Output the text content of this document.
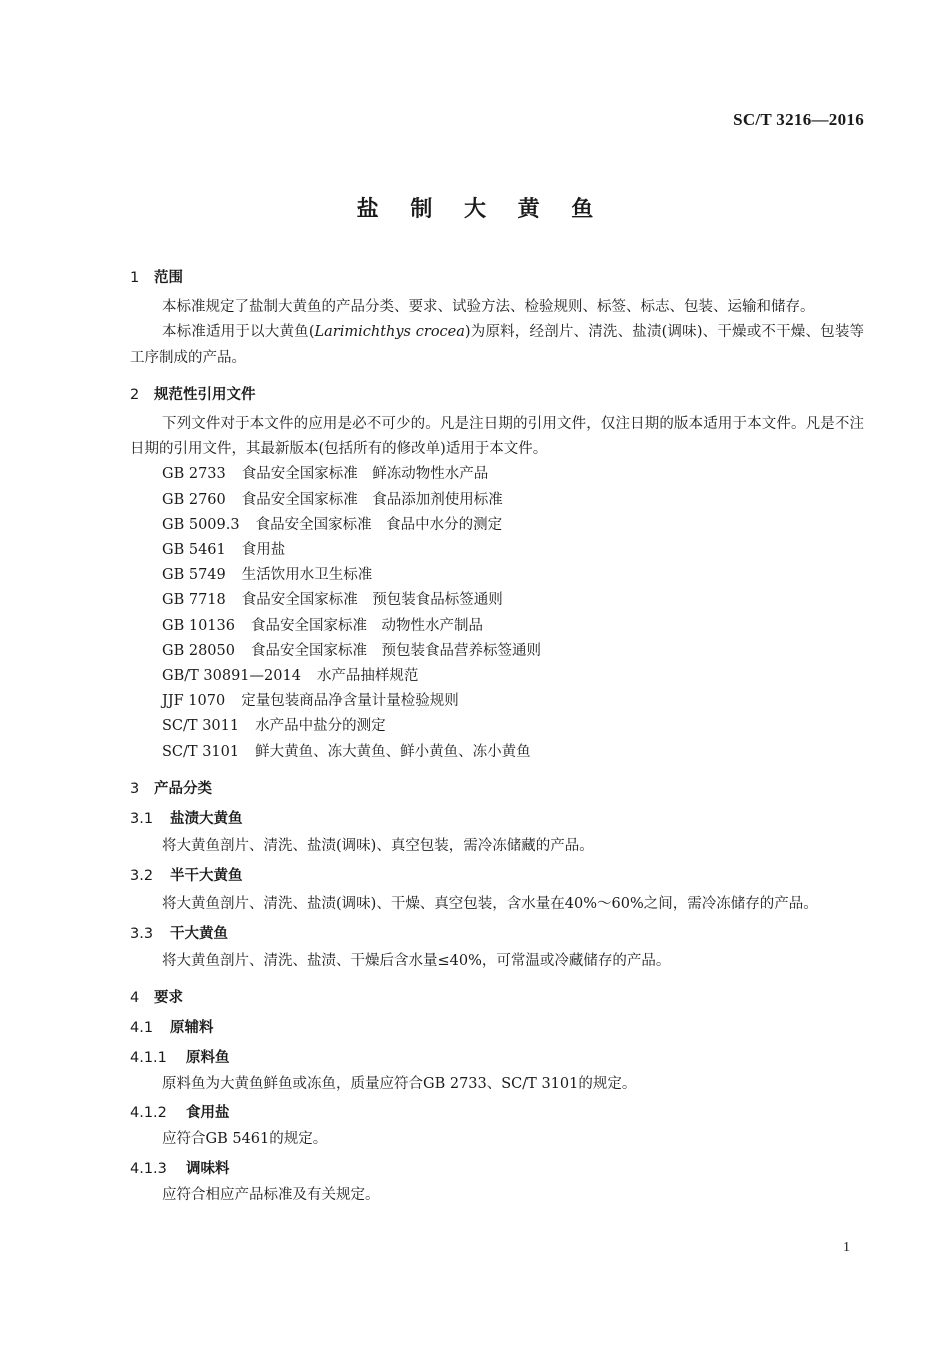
SC/T 3216—2016
盐 制 大 黄 鱼
1 范围

本标准规定了盐制大黄鱼的产品分类、要求、试验方法、检验规则、标签、标志、包装、运输和储存。

本标准适用于以大黄鱼(Larimichthys crocea)为原料，经剖片、清洗、盐渍(调味)、干燥或不干燥、包装等工序制成的产品。

2 规范性引用文件

下列文件对于本文件的应用是必不可少的。凡是注日期的引用文件，仅注日期的版本适用于本文件。凡是不注日期的引用文件，其最新版本(包括所有的修改单)适用于本文件。

GB 2733 食品安全国家标准　鲜冻动物性水产品

GB 2760 食品安全国家标准　食品添加剂使用标准

GB 5009.3 食品安全国家标准　食品中水分的测定

GB 5461 食用盐

GB 5749 生活饮用水卫生标准

GB 7718 食品安全国家标准　预包装食品标签通则

GB 10136 食品安全国家标准　动物性水产制品

GB 28050 食品安全国家标准　预包装食品营养标签通则

GB/T 30891—2014 水产品抽样规范

JJF 1070 定量包装商品净含量计量检验规则

SC/T 3011 水产品中盐分的测定

SC/T 3101 鲜大黄鱼、冻大黄鱼、鲜小黄鱼、冻小黄鱼

3 产品分类
3.1 盐渍大黄鱼

将大黄鱼剖片、清洗、盐渍(调味)、真空包装，需冷冻储藏的产品。

3.2 半干大黄鱼

将大黄鱼剖片、清洗、盐渍(调味)、干燥、真空包装，含水量在40%～60%之间，需冷冻储存的产品。

3.3 干大黄鱼

将大黄鱼剖片、清洗、盐渍、干燥后含水量≤40%，可常温或冷藏储存的产品。

4 要求
4.1 原辅料
4.1.1 原料鱼

原料鱼为大黄鱼鲜鱼或冻鱼，质量应符合GB 2733、SC/T 3101的规定。

4.1.2 食用盐

应符合GB 5461的规定。

4.1.3 调味料

应符合相应产品标准及有关规定。

1
